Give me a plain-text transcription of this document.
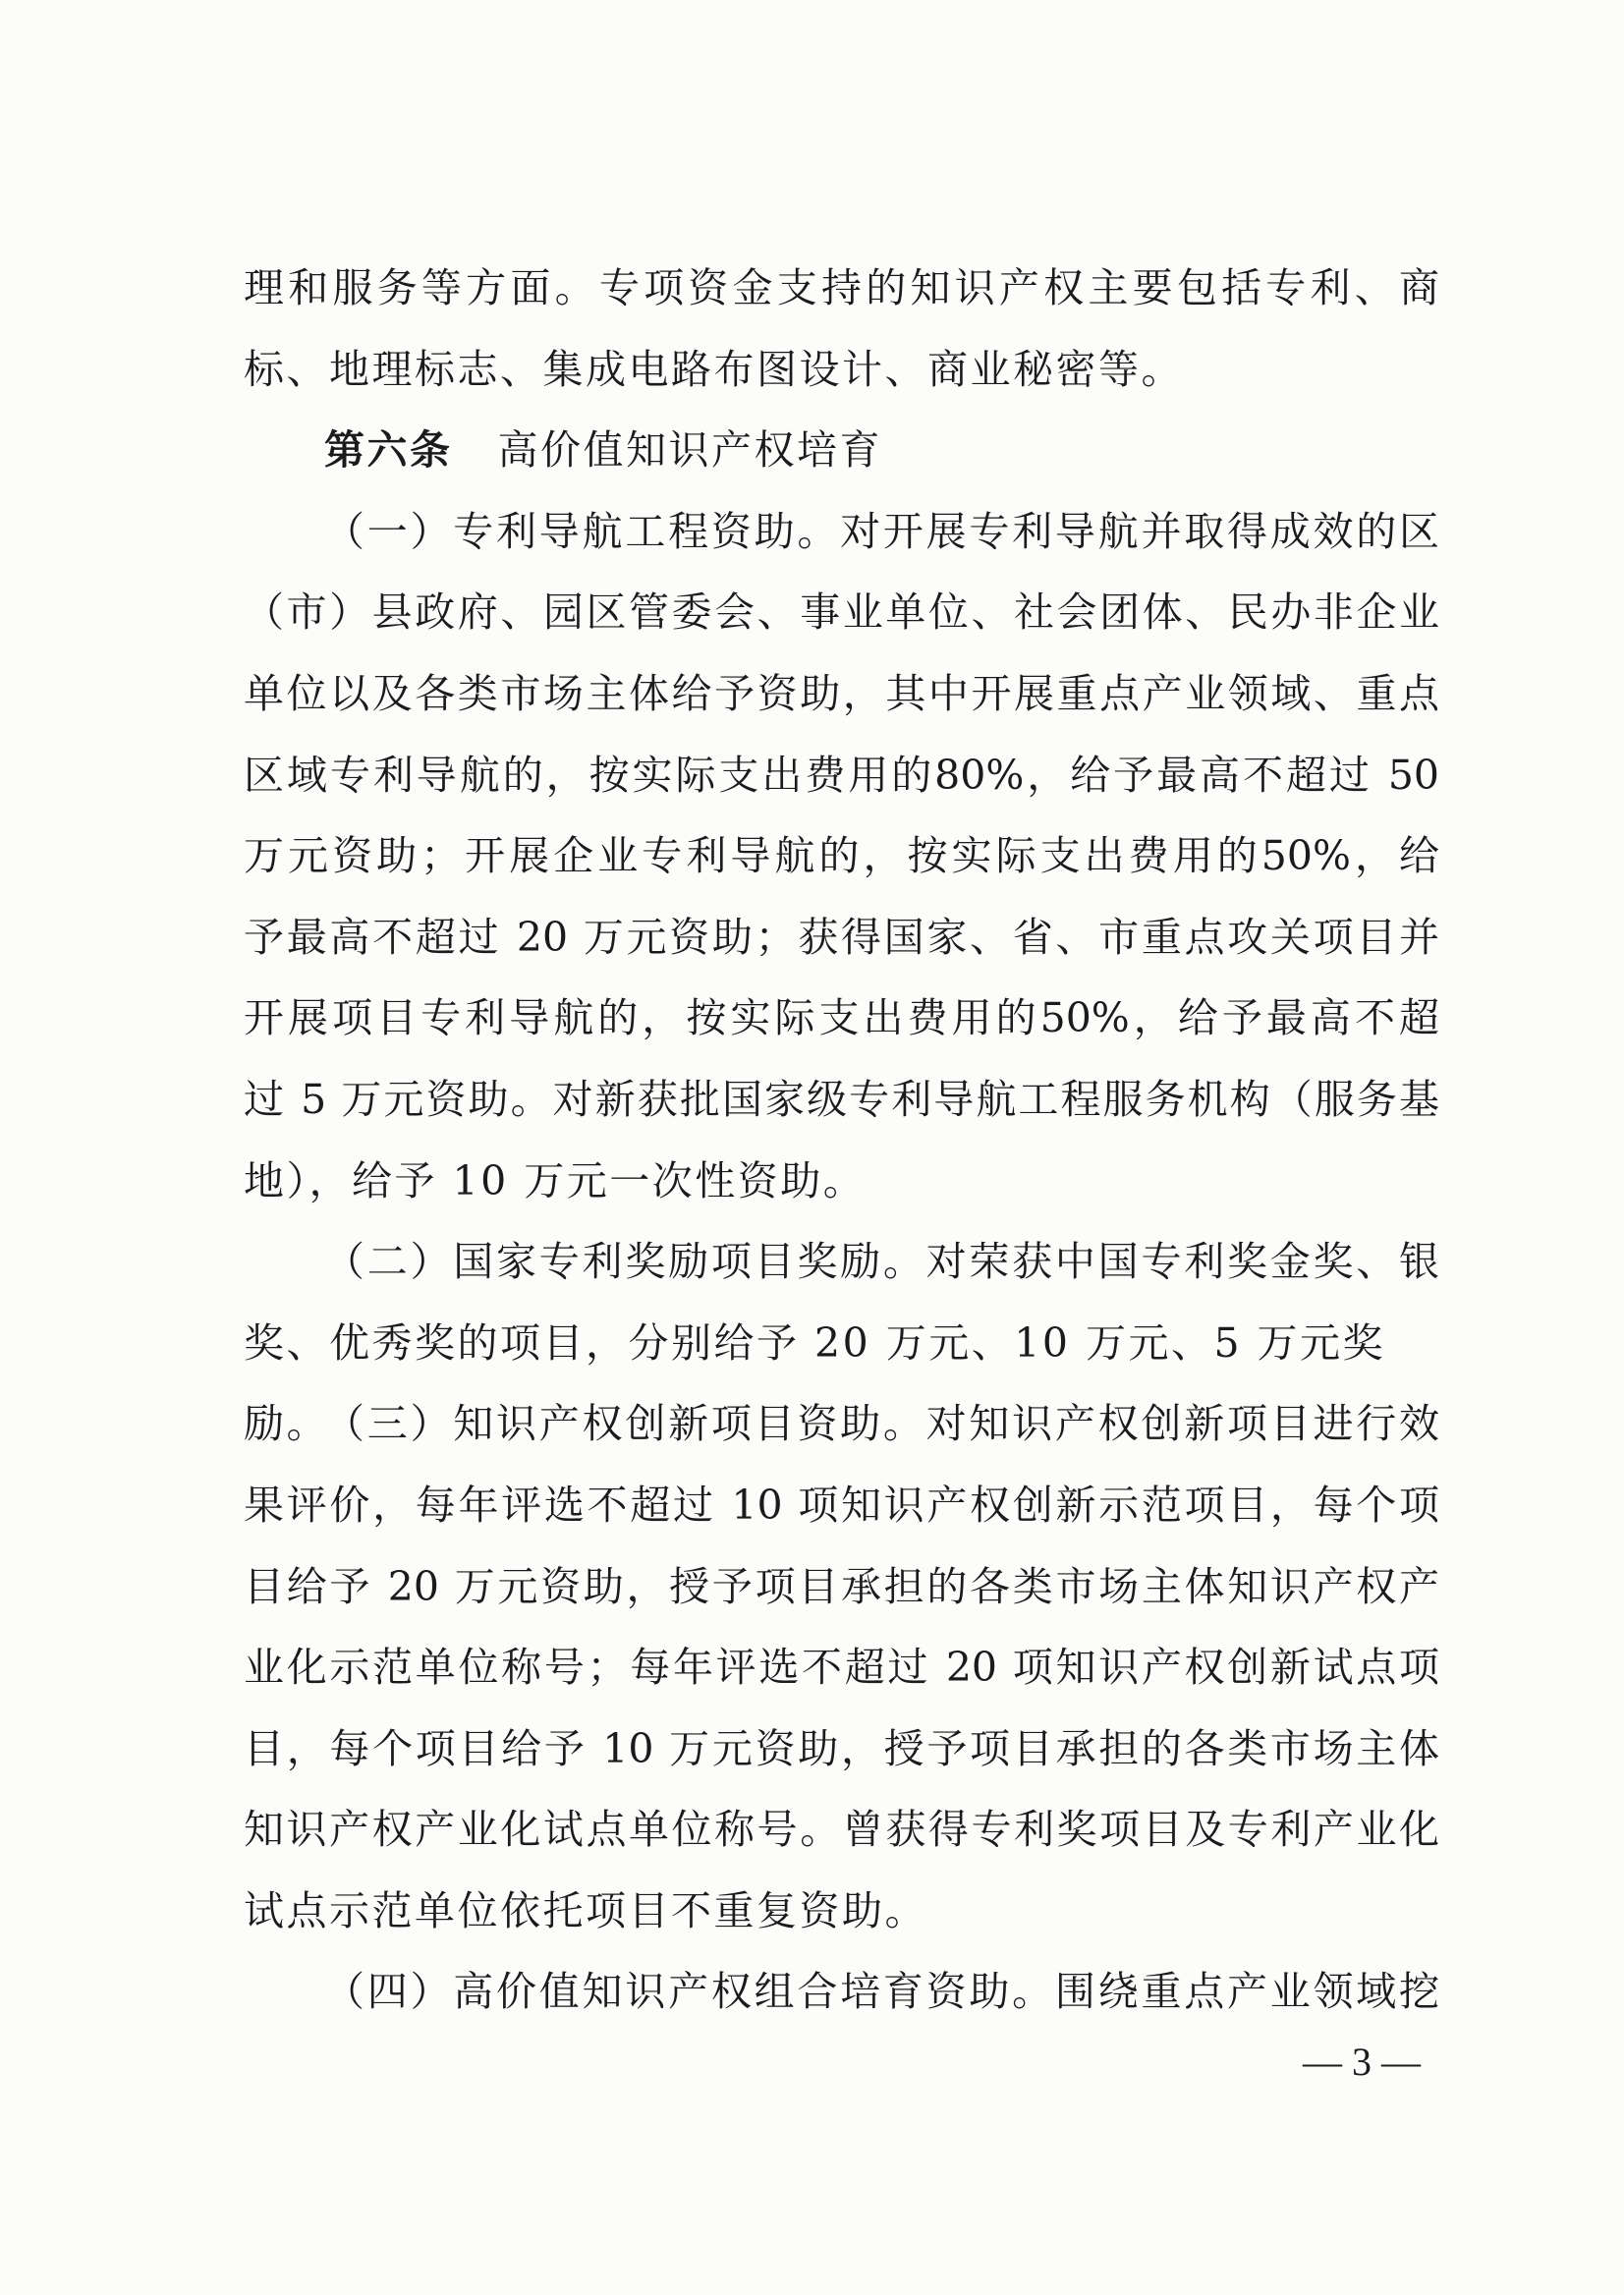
理和服务等方面。专项资金支持的知识产权主要包括专利、商
标、地理标志、集成电路布图设计、商业秘密等。
第六条 高价值知识产权培育
（一）专利导航工程资助。对开展专利导航并取得成效的区
（市）县政府、园区管委会、事业单位、社会团体、民办非企业
单位以及各类市场主体给予资助，其中开展重点产业领域、重点
区域专利导航的，按实际支出费用的80%，给予最高不超过 50
万元资助；开展企业专利导航的，按实际支出费用的50%，给
予最高不超过 20 万元资助；获得国家、省、市重点攻关项目并
开展项目专利导航的，按实际支出费用的50%，给予最高不超
过 5 万元资助。对新获批国家级专利导航工程服务机构（服务基
地），给予 10 万元一次性资助。
（二）国家专利奖励项目奖励。对荣获中国专利奖金奖、银
奖、优秀奖的项目，分别给予 20 万元、10 万元、5 万元奖励。
（三）知识产权创新项目资助。对知识产权创新项目进行效
果评价，每年评选不超过 10 项知识产权创新示范项目，每个项
目给予 20 万元资助，授予项目承担的各类市场主体知识产权产
业化示范单位称号；每年评选不超过 20 项知识产权创新试点项
目，每个项目给予 10 万元资助，授予项目承担的各类市场主体
知识产权产业化试点单位称号。曾获得专利奖项目及专利产业化
试点示范单位依托项目不重复资助。
（四）高价值知识产权组合培育资助。围绕重点产业领域挖
— 3 —
